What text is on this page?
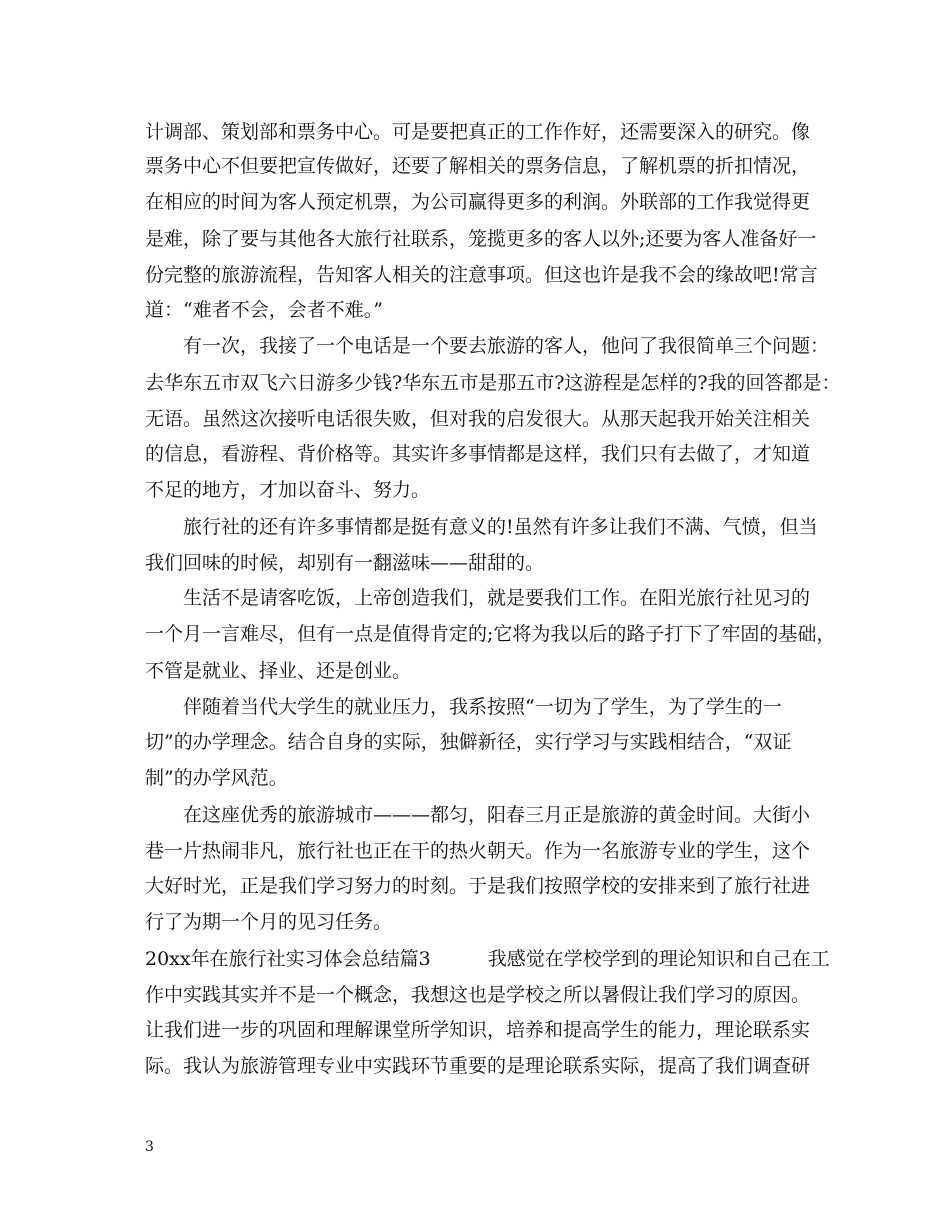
计调部、策划部和票务中心。可是要把真正的工作作好，还需要深入的研究。像
票务中心不但要把宣传做好，还要了解相关的票务信息，了解机票的折扣情况，
在相应的时间为客人预定机票，为公司赢得更多的利润。外联部的工作我觉得更
是难，除了要与其他各大旅行社联系，笼揽更多的客人以外;还要为客人准备好一
份完整的旅游流程，告知客人相关的注意事项。但这也许是我不会的缘故吧!常言
道：“难者不会，会者不难。”
　　有一次，我接了一个电话是一个要去旅游的客人，他问了我很简单三个问题：
去华东五市双飞六日游多少钱?华东五市是那五市?这游程是怎样的?我的回答都是：
无语。虽然这次接听电话很失败，但对我的启发很大。从那天起我开始关注相关
的信息，看游程、背价格等。其实许多事情都是这样，我们只有去做了，才知道
不足的地方，才加以奋斗、努力。
　　旅行社的还有许多事情都是挺有意义的!虽然有许多让我们不满、气愤，但当
我们回味的时候，却别有一翻滋味——甜甜的。
　　生活不是请客吃饭，上帝创造我们，就是要我们工作。在阳光旅行社见习的
一个月一言难尽，但有一点是值得肯定的;它将为我以后的路子打下了牢固的基础，
不管是就业、择业、还是创业。
　　伴随着当代大学生的就业压力，我系按照“一切为了学生，为了学生的一
切”的办学理念。结合自身的实际，独僻新径，实行学习与实践相结合，“双证
制”的办学风范。
　　在这座优秀的旅游城市———都匀，阳春三月正是旅游的黄金时间。大街小
巷一片热闹非凡，旅行社也正在干的热火朝天。作为一名旅游专业的学生，这个
大好时光，正是我们学习努力的时刻。于是我们按照学校的安排来到了旅行社进
行了为期一个月的见习任务。
20xx年在旅行社实习体会总结篇3　　　我感觉在学校学到的理论知识和自己在工
作中实践其实并不是一个概念，我想这也是学校之所以暑假让我们学习的原因。
让我们进一步的巩固和理解课堂所学知识，培养和提高学生的能力，理论联系实
际。我认为旅游管理专业中实践环节重要的是理论联系实际，提高了我们调查研
3
